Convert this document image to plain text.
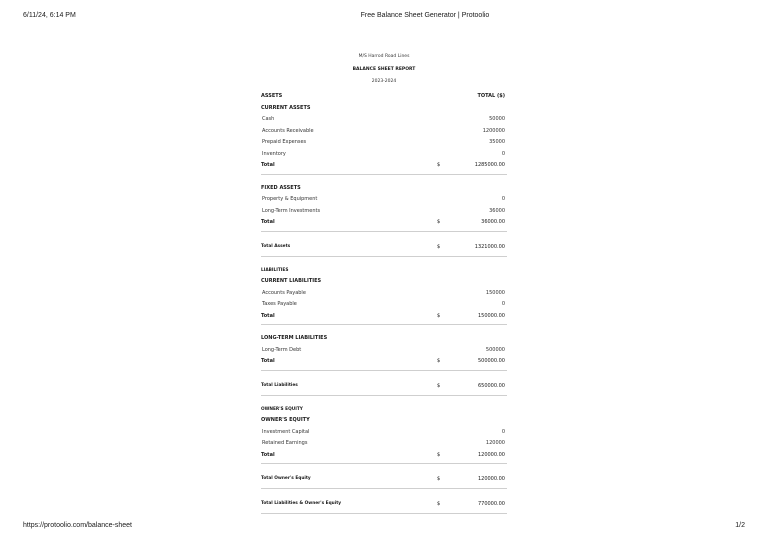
6/11/24, 6:14 PM	Free Balance Sheet Generator | Protoolio
M/S Harrod Road Lines
BALANCE SHEET REPORT
2023-2024
ASSETS	TOTAL ($)
CURRENT ASSETS
Cash	50000
Accounts Receivable	1200000
Prepaid Expenses	35000
Inventory	0
Total	$	1285000.00
FIXED ASSETS
Property & Equipment	0
Long-Term Investments	36000
Total	$	36000.00
Total Assets	$	1321000.00
LIABILITIES
CURRENT LIABILITIES
Accounts Payable	150000
Taxes Payable	0
Total	$	150000.00
LONG-TERM LIABILITIES
Long-Term Debt	500000
Total	$	500000.00
Total Liabilities	$	650000.00
OWNER'S EQUITY
OWNER'S EQUITY
Investment Capital	0
Retained Earnings	120000
Total	$	120000.00
Total Owner's Equity	$	120000.00
Total Liabilities & Owner's Equity	$	770000.00
https://protoolio.com/balance-sheet	1/2
